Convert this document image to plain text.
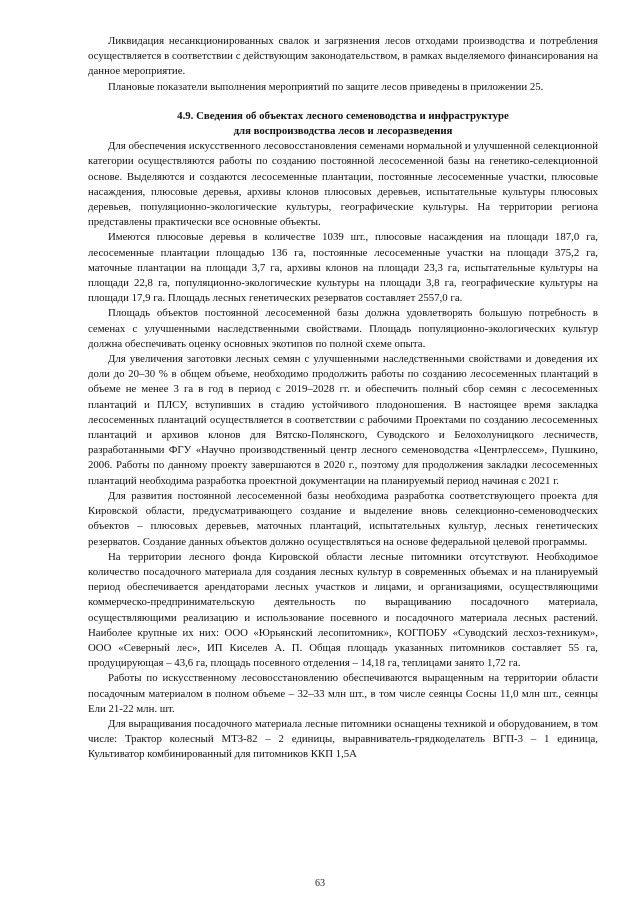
Ликвидация несанкционированных свалок и загрязнения лесов отходами производства и потребления осуществляется в соответствии с действующим законодательством, в рамках выделяемого финансирования на данное мероприятие.

Плановые показатели выполнения мероприятий по защите лесов приведены в приложении 25.

4.9. Сведения об объектах лесного семеноводства и инфраструктуре
для воспроизводства лесов и лесоразведения

Для обеспечения искусственного лесовосстановления семенами нормальной и улучшенной селекционной категории осуществляются работы по созданию постоянной лесосеменной базы на генетико-селекционной основе. Выделяются и создаются лесосеменные плантации, постоянные лесосеменные участки, плюсовые насаждения, плюсовые деревья, архивы клонов плюсовых деревьев, испытательные культуры плюсовых деревьев, популяционно-экологические культуры, географические культуры. На территории региона представлены практически все основные объекты.

Имеются плюсовые деревья в количестве 1039 шт., плюсовые насаждения на площади 187,0 га, лесосеменные плантации площадью 136 га, постоянные лесосеменные участки на площади 375,2 га, маточные плантации на площади 3,7 га, архивы клонов на площади 23,3 га, испытательные культуры на площади 22,8 га, популяционно-экологические культуры на площади 3,8 га, географические культуры на площади 17,9 га. Площадь лесных генетических резерватов составляет 2557,0 га.

Площадь объектов постоянной лесосеменной базы должна удовлетворять большую потребность в семенах с улучшенными наследственными свойствами. Площадь популяционно-экологических культур должна обеспечивать оценку основных экотипов по полной схеме опыта.

Для увеличения заготовки лесных семян с улучшенными наследственными свойствами и доведения их доли до 20–30 % в общем объеме, необходимо продолжить работы по созданию лесосеменных плантаций в объеме не менее 3 га в год в период с 2019–2028 гг. и обеспечить полный сбор семян с лесосеменных плантаций и ПЛСУ, вступивших в стадию устойчивого плодоношения. В настоящее время закладка лесосеменных плантаций осуществляется в соответствии с рабочими Проектами по созданию лесосеменных плантаций и архивов клонов для Вятско-Полянского, Суводского и Белохолуницкого лесничеств, разработанными ФГУ «Научно производственный центр лесного семеноводства «Центрлессем», Пушкино, 2006. Работы по данному проекту завершаются в 2020 г., поэтому для продолжения закладки лесосеменных плантаций необходима разработка проектной документации на планируемый период начиная с 2021 г.

Для развития постоянной лесосеменной базы необходима разработка соответствующего проекта для Кировской области, предусматривающего создание и выделение вновь селекционно-семеноводческих объектов – плюсовых деревьев, маточных плантаций, испытательных культур, лесных генетических резерватов. Создание данных объектов должно осуществляться на основе федеральной целевой программы.

На территории лесного фонда Кировской области лесные питомники отсутствуют. Необходимое количество посадочного материала для создания лесных культур в современных объемах и на планируемый период обеспечивается арендаторами лесных участков и лицами, и организациями, осуществляющими коммерческо-предпринимательскую деятельность по выращиванию посадочного материала, осуществляющими реализацию и использование посевного и посадочного материала лесных растений. Наиболее крупные их них: ООО «Юрьянский лесопитомник», КОГПОБУ «Суводский лесхоз-техникум», ООО «Северный лес», ИП Киселев А. П. Общая площадь указанных питомников составляет 55 га, продуцирующая – 43,6 га, площадь посевного отделения – 14,18 га, теплицами занято 1,72 га.

Работы по искусственному лесовосстановлению обеспечиваются выращенным на территории области посадочным материалом в полном объеме – 32–33 млн шт., в том числе сеянцы Сосны 11,0 млн шт., сеянцы Ели 21-22 млн. шт.

Для выращивания посадочного материала лесные питомники оснащены техникой и оборудованием, в том числе: Трактор колесный МТЗ-82 – 2 единицы, выравниватель-грядкоделатель ВГП-3 – 1 единица, Культиватор комбинированный для питомников ККП 1,5А

63
